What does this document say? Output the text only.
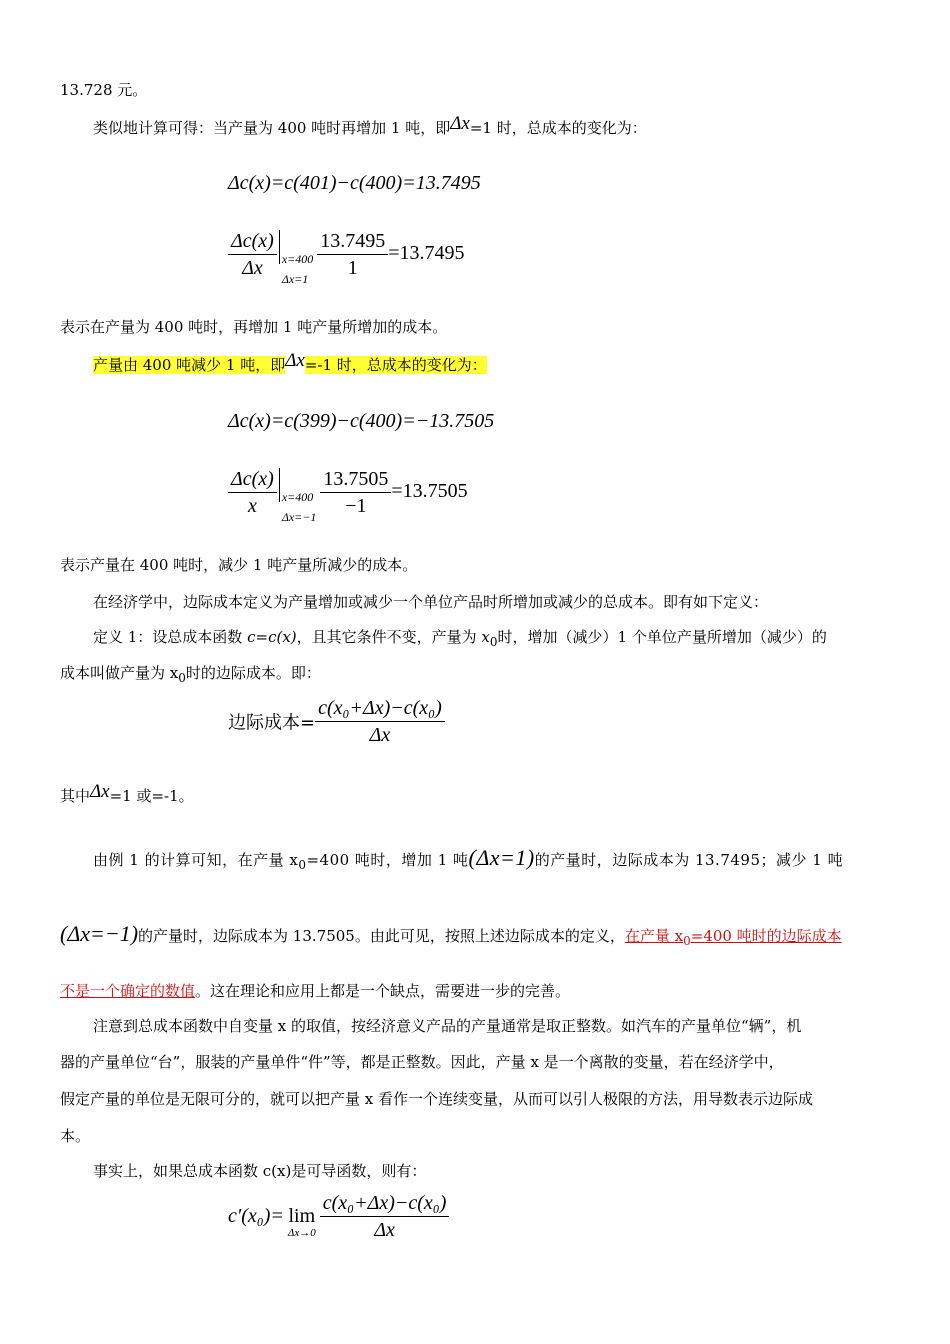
13.728 元。
类似地计算可得：当产量为 400 吨时再增加 1 吨，即Δx=1 时，总成本的变化为：
Δc(x)=c(401)−c(400)=13.7495
$\frac{\Delta c(x)}{\Delta x} x=400$
$\Delta x=1 \frac{13.7495}{1} =13.7495$
表示在产量为 400 吨时，再增加 1 吨产量所增加的成本。
产量由 400 吨减少 1 吨，即Δx=-1 时，总成本的变化为：
Δc(x)=c(399)−c(400)=−13.7505
$\frac{\Delta c(x)}{x} x=400$
$\Delta x=-1 \frac{13.7505}{-1} =13.7505$
表示产量在 400 吨时，减少 1 吨产量所减少的成本。
在经济学中，边际成本定义为产量增加或减少一个单位产品时所增加或减少的总成本。即有如下定义：
定义 1：设总成本函数 c=c(x)，且其它条件不变，产量为 $x_0$时，增加（减少）1 个单位产量所增加（减少）的
成本叫做产量为 $x_0$时的边际成本。即：
边际成本= $\frac{\text{c(x₀+Δx)−c(x₀)}}{\Delta x}$
其中Δx=1 或=-1。
由例 1 的计算可知，在产量 $x_0=400$ 吨时，增加 1 吨(Δx=1)的产量时，边际成本为 13.7495；减少 1 吨
(Δx=−1)的产量时，边际成本为 13.7505。由此可见，按照上述边际成本的定义，在产量 $x_0=400$ 吨时的边际成本
不是一个确定的数值。这在理论和应用上都是一个缺点，需要进一步的完善。
注意到总成本函数中自变量 x 的取值，按经济意义产品的产量通常是取正整数。如汽车的产量单位“辆”，机
器的产量单位“台”，服装的产量单件“件”等，都是正整数。因此，产量 x 是一个离散的变量，若在经济学中，
假定产量的单位是无限可分的，就可以把产量 x 看作一个连续变量，从而可以引人极限的方法，用导数表示边际成
本。
事实上，如果总成本函数 c(x)是可导函数，则有：
c′(x₀)= lim
$\Delta x\to 0 \frac{\text{c(x₀+Δx)−c(x₀)}}{\Delta x}$
